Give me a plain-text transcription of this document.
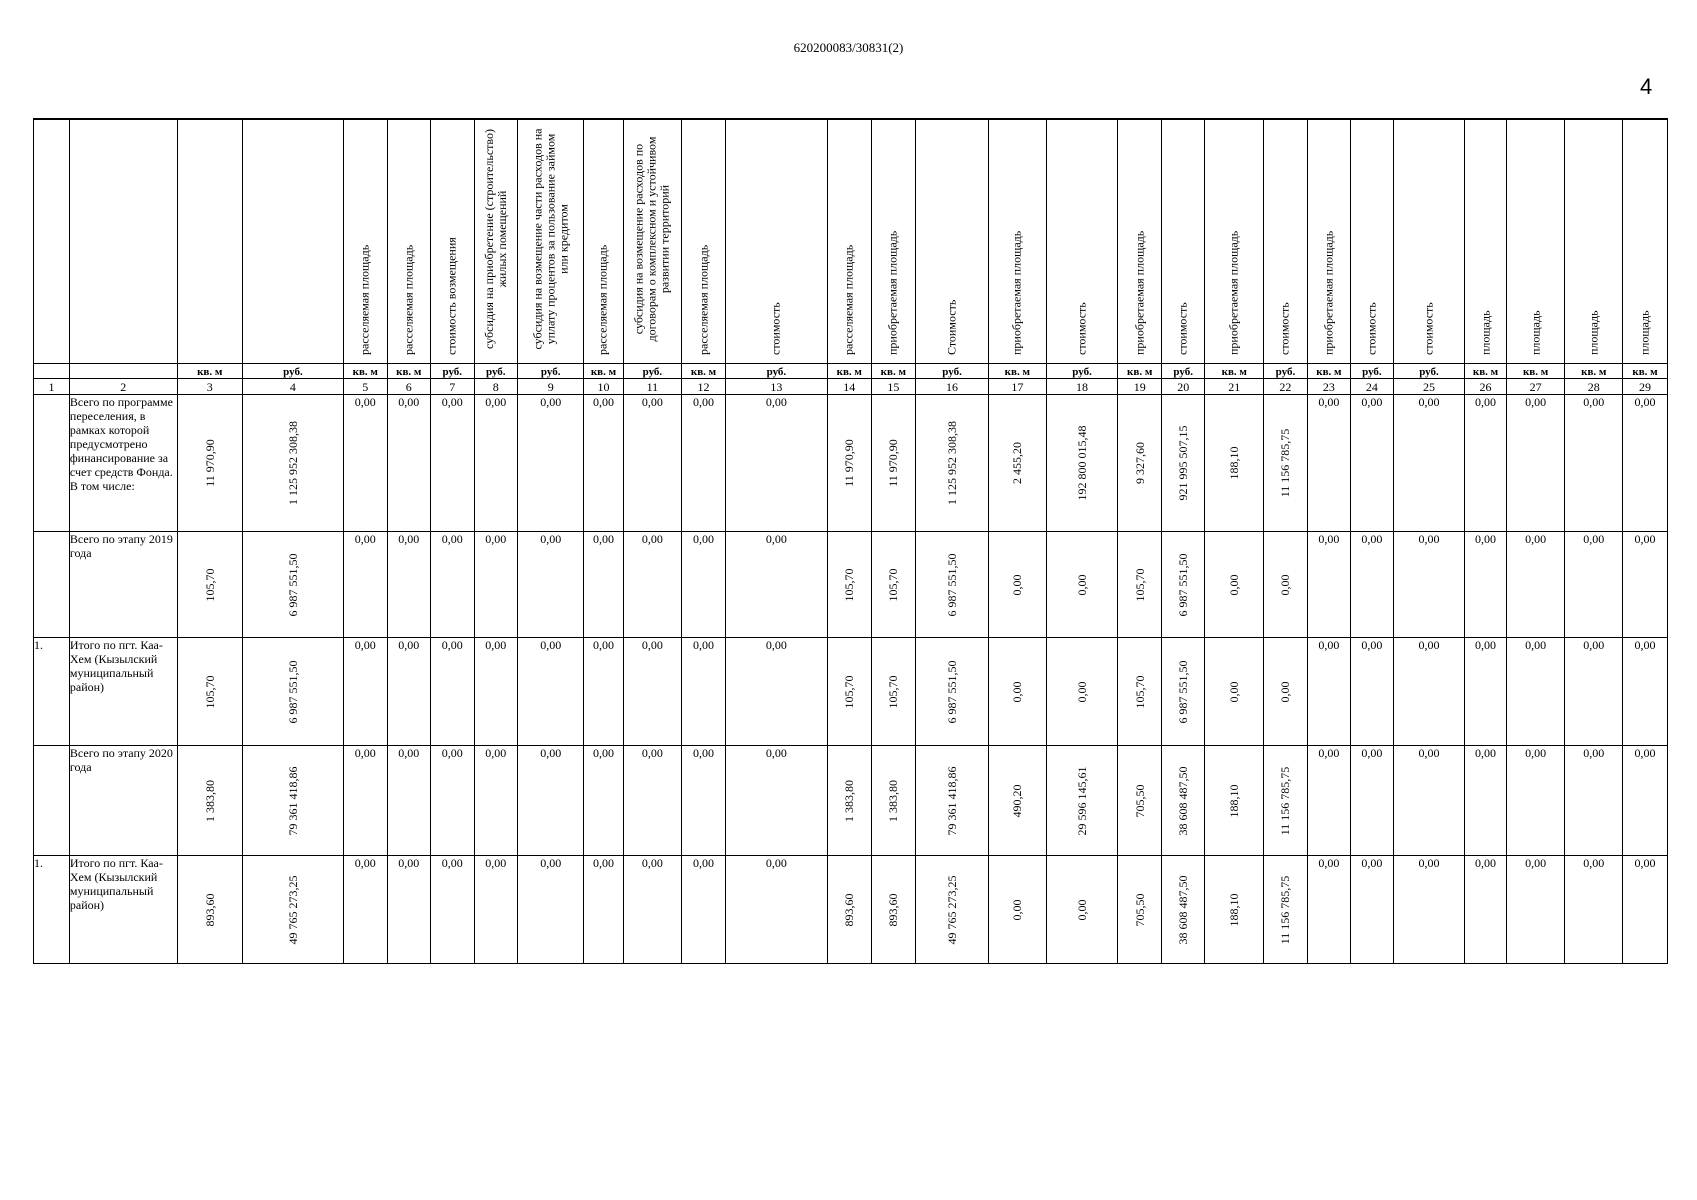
620200083/30831(2)
4

				расселяемая площадь	расселяемая площадь	стоимость возмещения	субсидия на приобретение (строительство) жилых помещений	субсидия на возмещение части расходов на уплату процентов за пользование займом или кредитом	расселяемая площадь	субсидия на возмещение расходов по договорам о комплексном и устойчивом развитии территорий	расселяемая площадь	стоимость	расселяемая площадь	приобретаемая площадь	Стоимость	приобретаемая площадь	стоимость	приобретаемая площадь	стоимость	приобретаемая площадь	стоимость	приобретаемая площадь	стоимость	стоимость	площадь	площадь	площадь	площадь

		кв. м	руб.	кв. м	кв. м	руб.	руб.	руб.	кв. м	руб.	кв. м	руб.	кв. м	кв. м	руб.	кв. м	руб.	кв. м	руб.	кв. м	руб.	кв. м	руб.	руб.	кв. м	кв. м	кв. м	кв. м
1	2	3	4	5	6	7	8	9	10	11	12	13	14	15	16	17	18	19	20	21	22	23	24	25	26	27	28	29
	Всего по программе переселения, в рамках которой предусмотрено финансирование за счет средств Фонда. В том числе:	11 970,90	1 125 952 308,38	0,00	0,00	0,00	0,00	0,00	0,00	0,00	0,00	0,00	11 970,90	11 970,90	1 125 952 308,38	2 455,20	192 800 015,48	9 327,60	921 995 507,15	188,10	11 156 785,75	0,00	0,00	0,00	0,00	0,00	0,00	0,00
	Всего по этапу 2019 года	105,70	6 987 551,50	0,00	0,00	0,00	0,00	0,00	0,00	0,00	0,00	0,00	105,70	105,70	6 987 551,50	0,00	0,00	105,70	6 987 551,50	0,00	0,00	0,00	0,00	0,00	0,00	0,00	0,00	0,00
1.	Итого по пгт. Каа-Хем (Кызылский муниципальный район)	105,70	6 987 551,50	0,00	0,00	0,00	0,00	0,00	0,00	0,00	0,00	0,00	105,70	105,70	6 987 551,50	0,00	0,00	105,70	6 987 551,50	0,00	0,00	0,00	0,00	0,00	0,00	0,00	0,00	0,00
	Всего по этапу 2020 года	1 383,80	79 361 418,86	0,00	0,00	0,00	0,00	0,00	0,00	0,00	0,00	0,00	1 383,80	1 383,80	79 361 418,86	490,20	29 596 145,61	705,50	38 608 487,50	188,10	11 156 785,75	0,00	0,00	0,00	0,00	0,00	0,00	0,00
1.	Итого по пгт. Каа-Хем (Кызылский муниципальный район)	893,60	49 765 273,25	0,00	0,00	0,00	0,00	0,00	0,00	0,00	0,00	0,00	893,60	893,60	49 765 273,25	0,00	0,00	705,50	38 608 487,50	188,10	11 156 785,75	0,00	0,00	0,00	0,00	0,00	0,00	0,00
